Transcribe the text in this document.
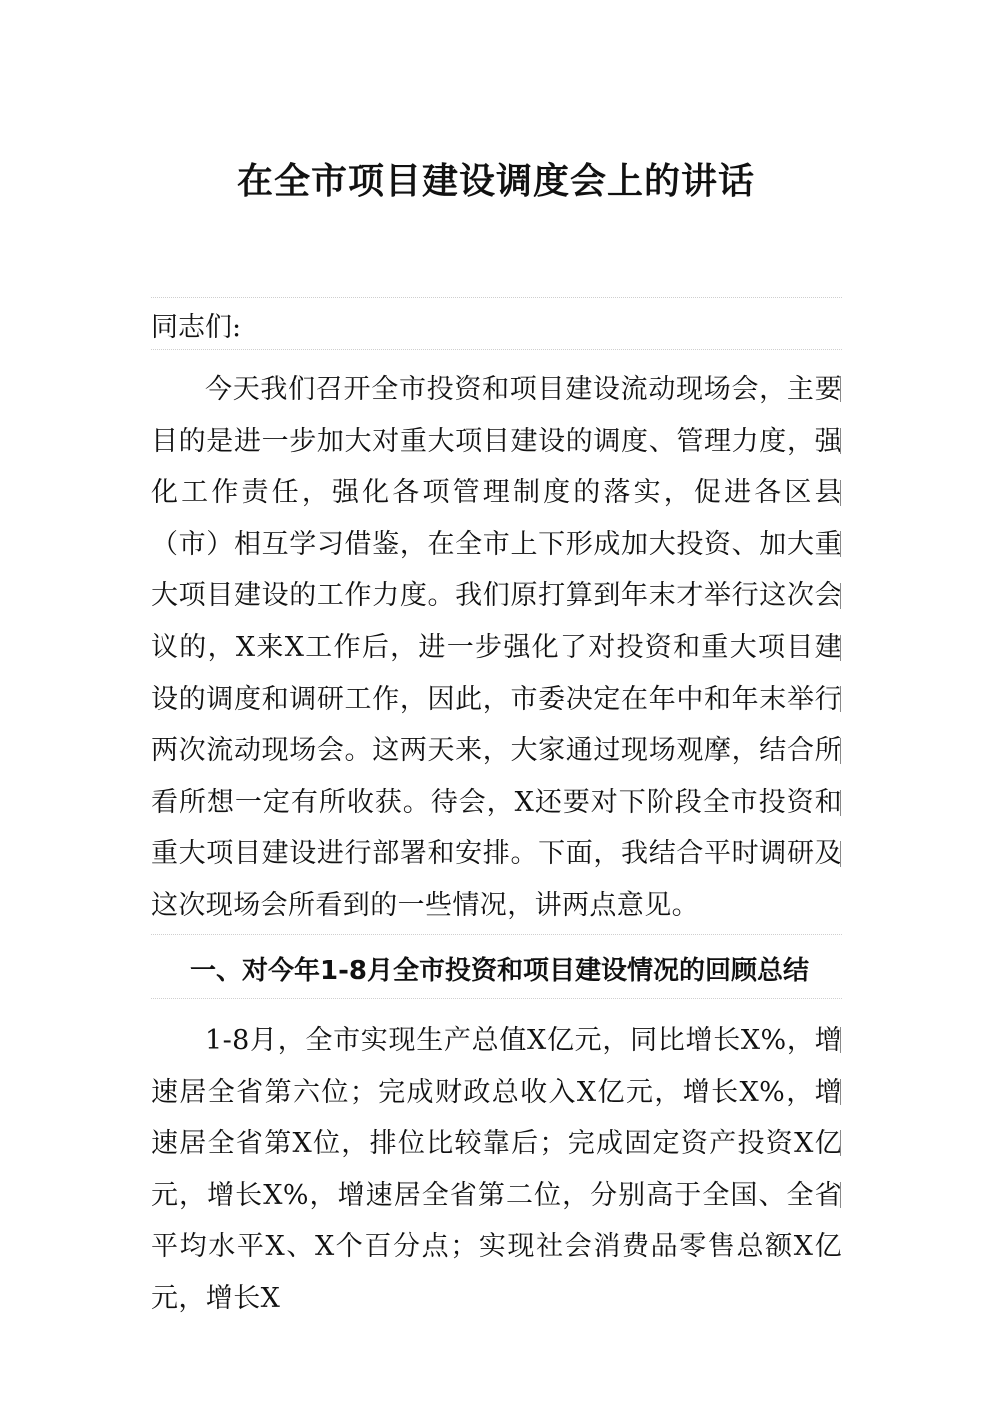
在全市项目建设调度会上的讲话

同志们:

今天我们召开全市投资和项目建设流动现场会，主要目的是进一步加大对重大项目建设的调度、管理力度，强化工作责任，强化各项管理制度的落实，促进各区县（市）相互学习借鉴，在全市上下形成加大投资、加大重大项目建设的工作力度。我们原打算到年末才举行这次会议的，X来X工作后，进一步强化了对投资和重大项目建设的调度和调研工作，因此，市委决定在年中和年末举行两次流动现场会。这两天来，大家通过现场观摩，结合所看所想一定有所收获。待会，X还要对下阶段全市投资和重大项目建设进行部署和安排。下面，我结合平时调研及这次现场会所看到的一些情况，讲两点意见。

一、对今年1-8月全市投资和项目建设情况的回顾总结

1-8月，全市实现生产总值X亿元，同比增长X%，增速居全省第六位；完成财政总收入X亿元，增长X%，增速居全省第X位，排位比较靠后；完成固定资产投资X亿元，增长X%，增速居全省第二位，分别高于全国、全省平均水平X、X个百分点；实现社会消费品零售总额X亿元，增长X
